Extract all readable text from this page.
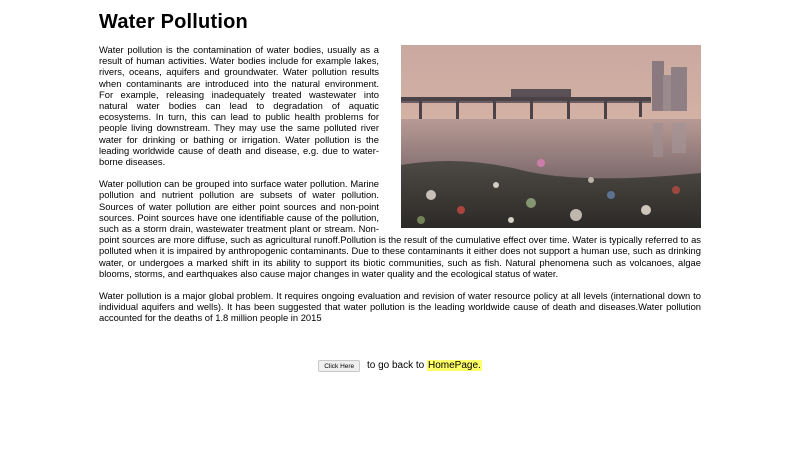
Water Pollution

Water pollution is the contamination of water bodies, usually as a result of human activities. Water bodies include for example lakes, rivers, oceans, aquifers and groundwater. Water pollution results when contaminants are introduced into the natural environment. For example, releasing inadequately treated wastewater into natural water bodies can lead to degradation of aquatic ecosystems. In turn, this can lead to public health problems for people living downstream. They may use the same polluted river water for drinking or bathing or irrigation. Water pollution is the leading worldwide cause of death and disease, e.g. due to water-borne diseases.

Water pollution can be grouped into surface water pollution. Marine pollution and nutrient pollution are subsets of water pollution. Sources of water pollution are either point sources and non-point sources. Point sources have one identifiable cause of the pollution, such as a storm drain, wastewater treatment plant or stream. Non-point sources are more diffuse, such as agricultural runoff.Pollution is the result of the cumulative effect over time. Water is typically referred to as polluted when it is impaired by anthropogenic contaminants. Due to these contaminants it either does not support a human use, such as drinking water, or undergoes a marked shift in its ability to support its biotic communities, such as fish. Natural phenomena such as volcanoes, algae blooms, storms, and earthquakes also cause major changes in water quality and the ecological status of water.

Water pollution is a major global problem. It requires ongoing evaluation and revision of water resource policy at all levels (international down to individual aquifers and wells). It has been suggested that water pollution is the leading worldwide cause of death and diseases.Water pollution accounted for the deaths of 1.8 million people in 2015

Click Here to go back to HomePage.
